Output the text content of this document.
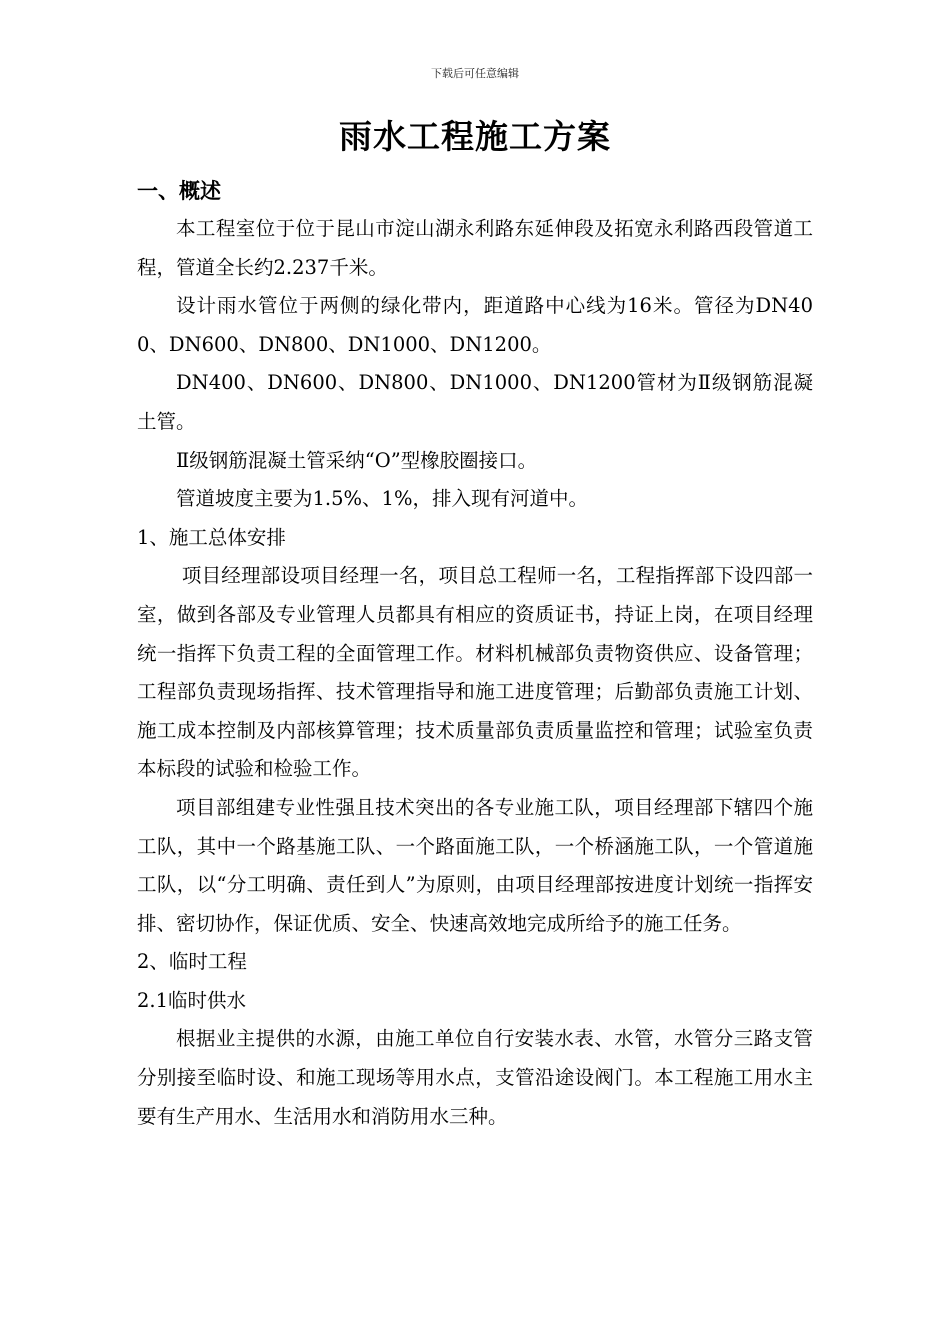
下载后可任意编辑
雨水工程施工方案
一、概述

本工程室位于位于昆山市淀山湖永利路东延伸段及拓宽永利路西段管道工程，管道全长约2.237千米。

设计雨水管位于两侧的绿化带内，距道路中心线为16米。管径为DN400、DN600、DN800、DN1000、DN1200。

DN400、DN600、DN800、DN1000、DN1200管材为Ⅱ级钢筋混凝土管。

Ⅱ级钢筋混凝土管采纳“O”型橡胶圈接口。

管道坡度主要为1.5%、1%，排入现有河道中。

1、施工总体安排

项目经理部设项目经理一名，项目总工程师一名，工程指挥部下设四部一室，做到各部及专业管理人员都具有相应的资质证书，持证上岗，在项目经理统一指挥下负责工程的全面管理工作。材料机械部负责物资供应、设备管理；工程部负责现场指挥、技术管理指导和施工进度管理；后勤部负责施工计划、施工成本控制及内部核算管理；技术质量部负责质量监控和管理；试验室负责本标段的试验和检验工作。

项目部组建专业性强且技术突出的各专业施工队，项目经理部下辖四个施工队，其中一个路基施工队、一个路面施工队，一个桥涵施工队，一个管道施工队，以“分工明确、责任到人”为原则，由项目经理部按进度计划统一指挥安排、密切协作，保证优质、安全、快速高效地完成所给予的施工任务。

2、临时工程
2.1临时供水

根据业主提供的水源，由施工单位自行安装水表、水管，水管分三路支管分别接至临时设、和施工现场等用水点，支管沿途设阀门。本工程施工用水主要有生产用水、生活用水和消防用水三种。
